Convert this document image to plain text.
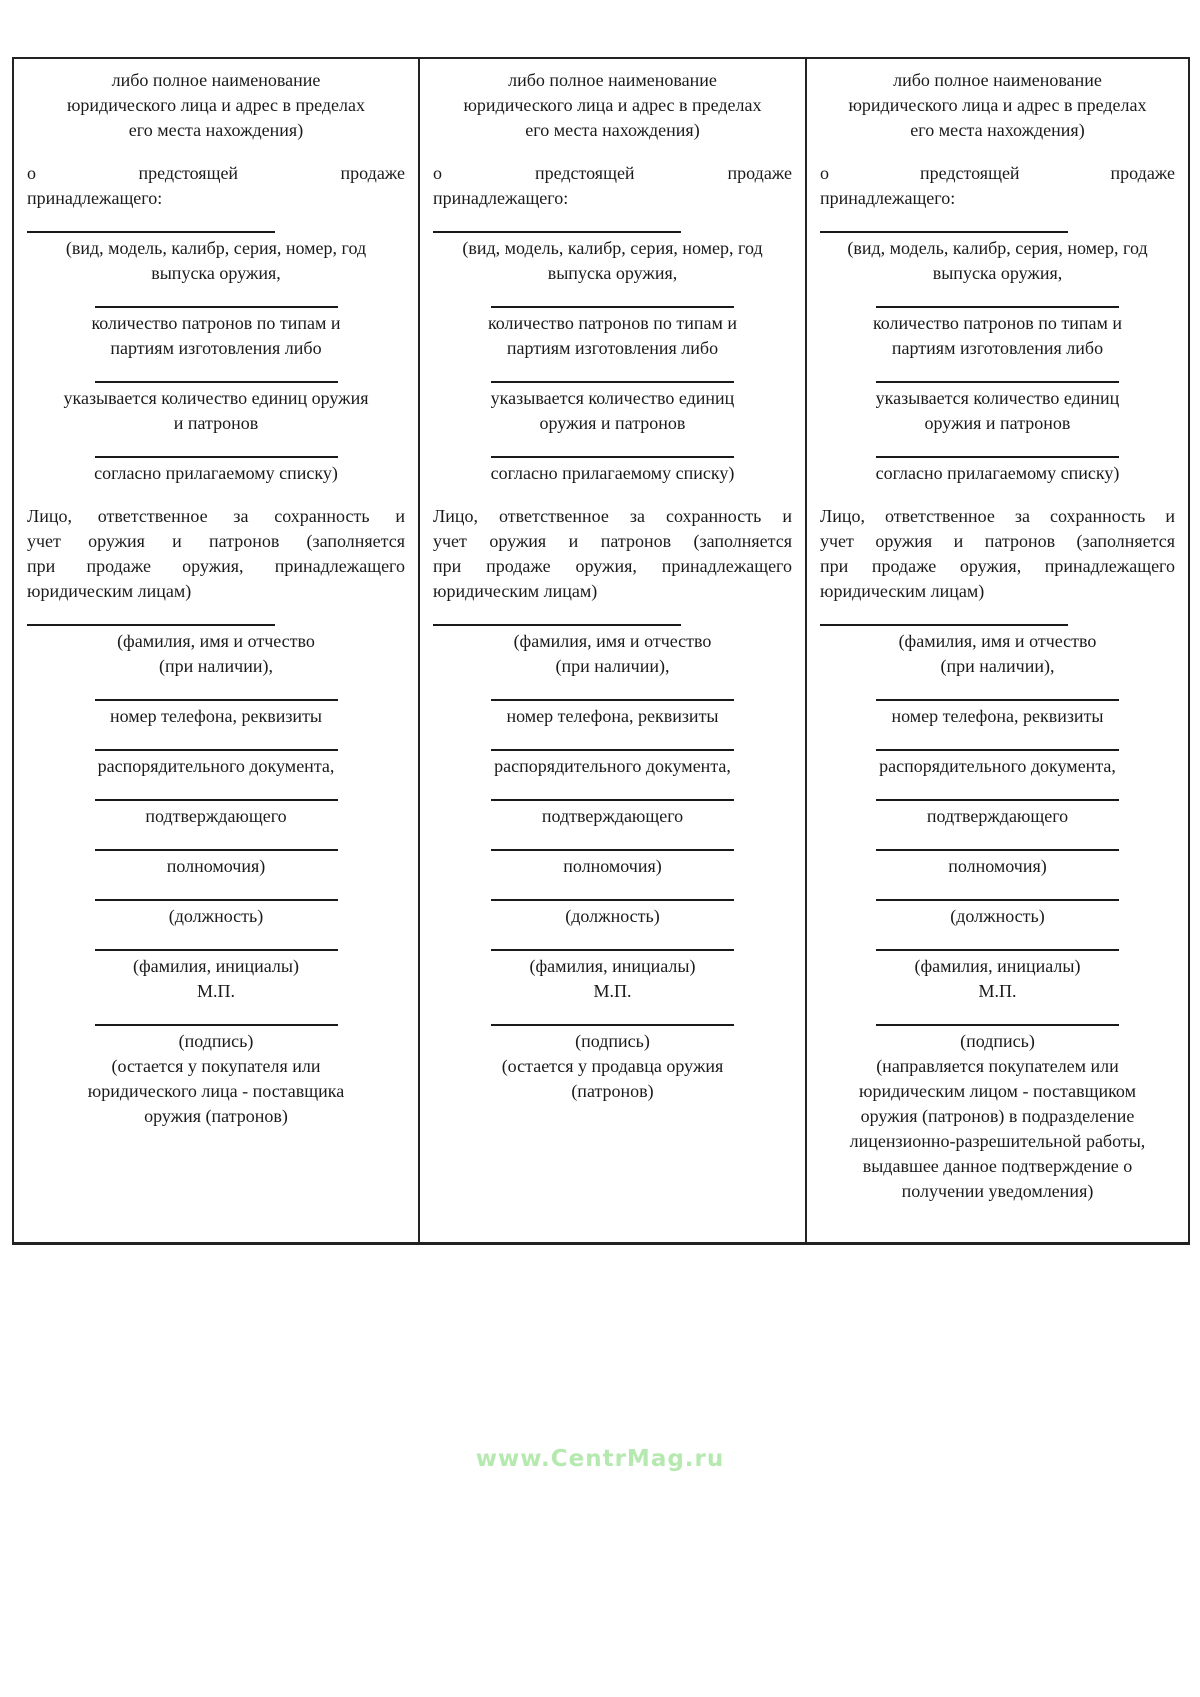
либо полное наименование
юридического лица и адрес в пределах
его места нахождения)
о предстоящей продаже
принадлежащего:
(вид, модель, калибр, серия, номер, год
выпуска оружия,
количество патронов по типам и
партиям изготовления либо
указывается количество единиц оружия
и патронов
согласно прилагаемому списку)
Лицо, ответственное за сохранность и
учет оружия и патронов (заполняется
при продаже оружия, принадлежащего
юридическим лицам)
(фамилия, имя и отчество
(при наличии),
номер телефона, реквизиты
распорядительного документа,
подтверждающего
полномочия)
(должность)
(фамилия, инициалы)
М.П.
(подпись)
(остается у покупателя или
юридического лица - поставщика
оружия (патронов)
либо полное наименование
юридического лица и адрес в пределах
его места нахождения)
о предстоящей продаже
принадлежащего:
(вид, модель, калибр, серия, номер, год
выпуска оружия,
количество патронов по типам и
партиям изготовления либо
указывается количество единиц
оружия и патронов
согласно прилагаемому списку)
Лицо, ответственное за сохранность и
учет оружия и патронов (заполняется
при продаже оружия, принадлежащего
юридическим лицам)
(фамилия, имя и отчество
(при наличии),
номер телефона, реквизиты
распорядительного документа,
подтверждающего
полномочия)
(должность)
(фамилия, инициалы)
М.П.
(подпись)
(остается у продавца оружия
(патронов)
либо полное наименование
юридического лица и адрес в пределах
его места нахождения)
о предстоящей продаже
принадлежащего:
(вид, модель, калибр, серия, номер, год
выпуска оружия,
количество патронов по типам и
партиям изготовления либо
указывается количество единиц
оружия и патронов
согласно прилагаемому списку)
Лицо, ответственное за сохранность и
учет оружия и патронов (заполняется
при продаже оружия, принадлежащего
юридическим лицам)
(фамилия, имя и отчество
(при наличии),
номер телефона, реквизиты
распорядительного документа,
подтверждающего
полномочия)
(должность)
(фамилия, инициалы)
М.П.
(подпись)
(направляется покупателем или
юридическим лицом - поставщиком
оружия (патронов) в подразделение
лицензионно-разрешительной работы,
выдавшее данное подтверждение о
получении уведомления)
www.CentrMag.ru
